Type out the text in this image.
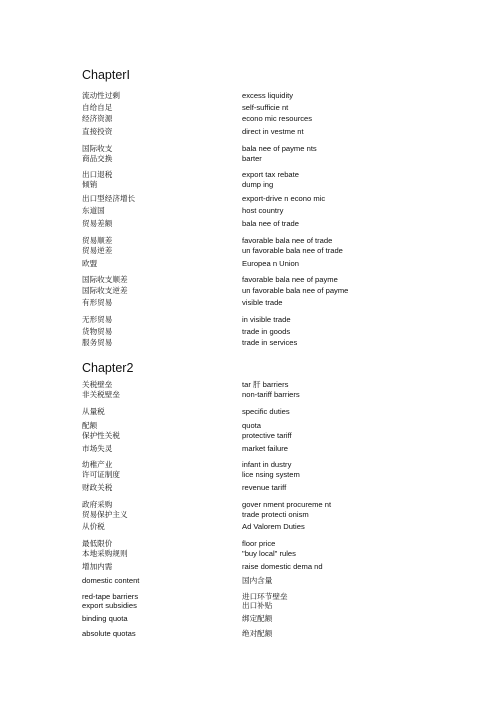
ChapterI
流动性过剩	excess liquidity
自给自足	self-sufficie nt
经济资源	econo mic resources
直接投资	direct in vestme nt
国际收支	bala nee of payme nts
商品交换	barter
出口退税	export tax rebate
倾销	dump ing
出口型经济增长	export-drive n econo mic
东道国	host country
贸易差额	bala nee of trade
贸易顺差	favorable bala nee of trade
贸易逆差	un favorable bala nee of trade
欧盟	Europea n Union
国际收支顺差	favorable bala nee of payme
国际收支逆差	un favorable bala nee of payme
有形贸易	visible trade
无形贸易	in visible trade
货物贸易	trade in goods
服务贸易	trade in services
Chapter2
关税壁垒	tar 肝 barriers
非关税壁垒	non-tariff barriers
从量税	specific duties
配额	quota
保护性关税	protective tariff
市场失灵	market failure
幼稚产业	infant in dustry
许可证制度	lice nsing system
财政关税	revenue tariff
政府采购	gover nment procureme nt
贸易保护主义	trade protecti onism
从价税	Ad Valorem Duties
最低限价	floor price
本地采购规则	"buy local" rules
增加内需	raise domestic dema nd
domestic content	国内含量
red-tape barriers	进口环节壁垒
export subsidies	出口补贴
binding quota	绑定配额
absolute quotas	绝对配额
